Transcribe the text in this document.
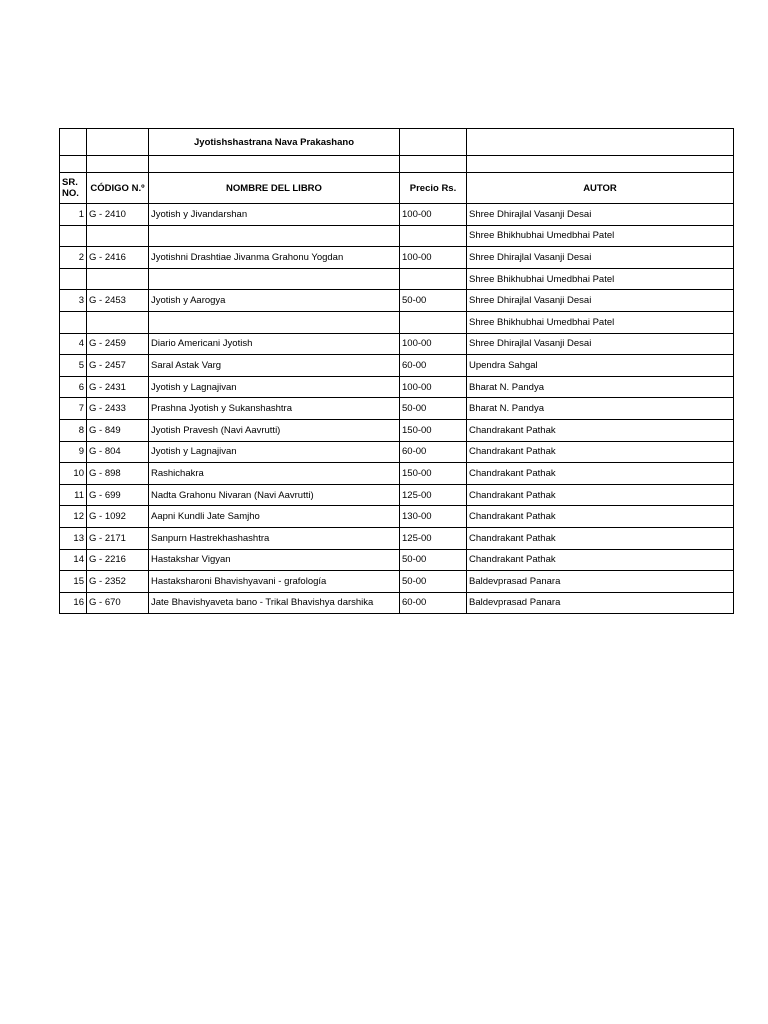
		Jyotishshastrana Nava Prakashano		

SR.
NO.	CÓDIGO N.º	NOMBRE DEL LIBRO	Precio Rs.	AUTOR
1	G - 2410	Jyotish y Jivandarshan	100-00	Shree Dhirajlal Vasanji Desai
				Shree Bhikhubhai Umedbhai Patel
2	G - 2416	Jyotishni Drashtiae Jivanma Grahonu Yogdan	100-00	Shree Dhirajlal Vasanji Desai
				Shree Bhikhubhai Umedbhai Patel
3	G - 2453	Jyotish y Aarogya	50-00	Shree Dhirajlal Vasanji Desai
				Shree Bhikhubhai Umedbhai Patel
4	G - 2459	Diario Americani Jyotish	100-00	Shree Dhirajlal Vasanji Desai
5	G - 2457	Saral Astak Varg	60-00	Upendra Sahgal
6	G - 2431	Jyotish y Lagnajivan	100-00	Bharat N. Pandya
7	G - 2433	Prashna Jyotish y Sukanshashtra	50-00	Bharat N. Pandya
8	G - 849	Jyotish Pravesh (Navi Aavrutti)	150-00	Chandrakant Pathak
9	G - 804	Jyotish y Lagnajivan	60-00	Chandrakant Pathak
10	G - 898	Rashichakra	150-00	Chandrakant Pathak
11	G - 699	Nadta Grahonu Nivaran (Navi Aavrutti)	125-00	Chandrakant Pathak
12	G - 1092	Aapni Kundli Jate Samjho	130-00	Chandrakant Pathak
13	G - 2171	Sanpurn Hastrekhashashtra	125-00	Chandrakant Pathak
14	G - 2216	Hastakshar Vigyan	50-00	Chandrakant Pathak
15	G - 2352	Hastaksharoni Bhavishyavani - grafología	50-00	Baldevprasad Panara
16	G - 670	Jate Bhavishyaveta bano - Trikal Bhavishya darshika	60-00	Baldevprasad Panara
